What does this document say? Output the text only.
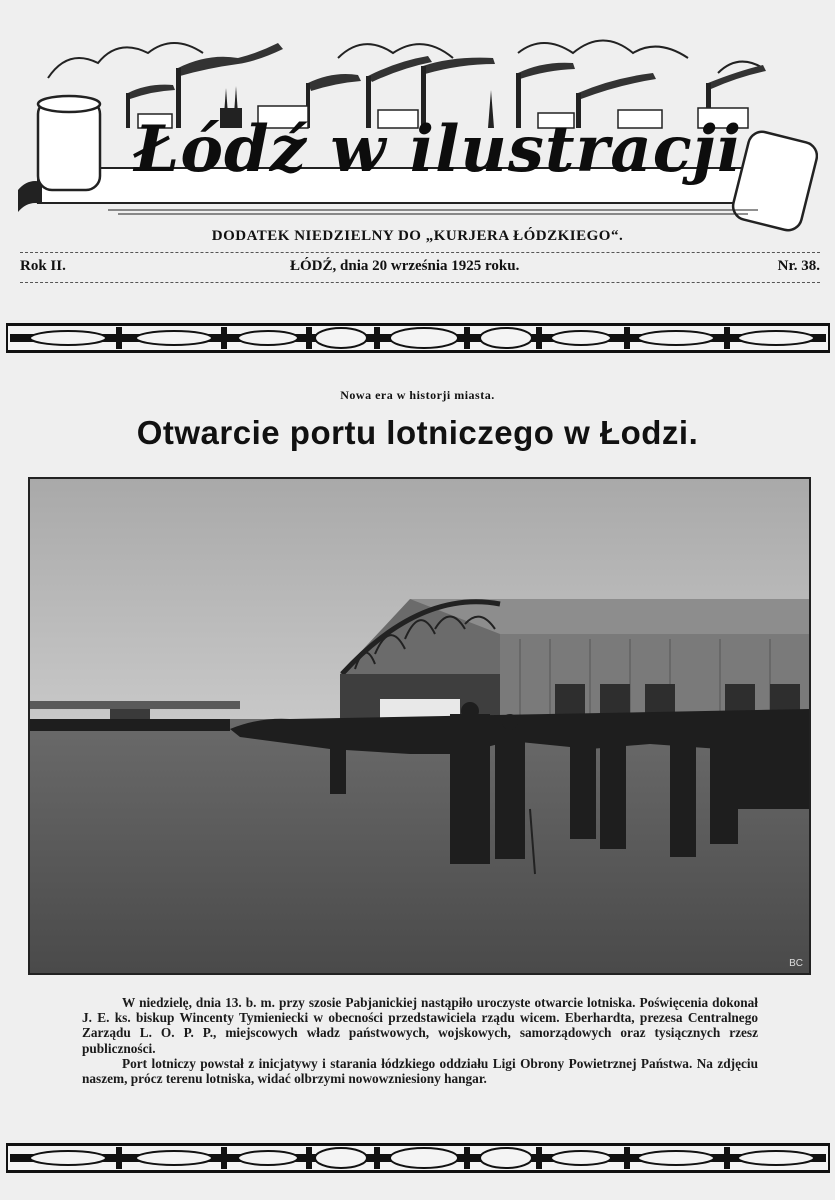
Łódź w ilustracji
DODATEK NIEDZIELNY DO „KURJERA ŁÓDZKIEGO“.
Rok II.	ŁÓDŹ, dnia 20 września 1925 roku.	Nr. 38.
Nowa era w historji miasta.
Otwarcie portu lotniczego w Łodzi.
BC

W niedzielę, dnia 13. b. m. przy szosie Pabjanickiej nastąpiło uroczyste otwarcie lotniska. Poświęcenia dokonał J. E. ks. biskup Wincenty Tymieniecki w obecności przedstawiciela rządu wicem. Eberhardta, prezesa Centralnego Zarządu L. O. P. P., miejscowych władz państwowych, wojskowych, samorządowych oraz tysiącznych rzesz publiczności.

Port lotniczy powstał z inicjatywy i starania łódzkiego oddziału Ligi Obrony Powietrznej Państwa. Na zdjęciu naszem, prócz terenu lotniska, widać olbrzymi nowowzniesiony hangar.
